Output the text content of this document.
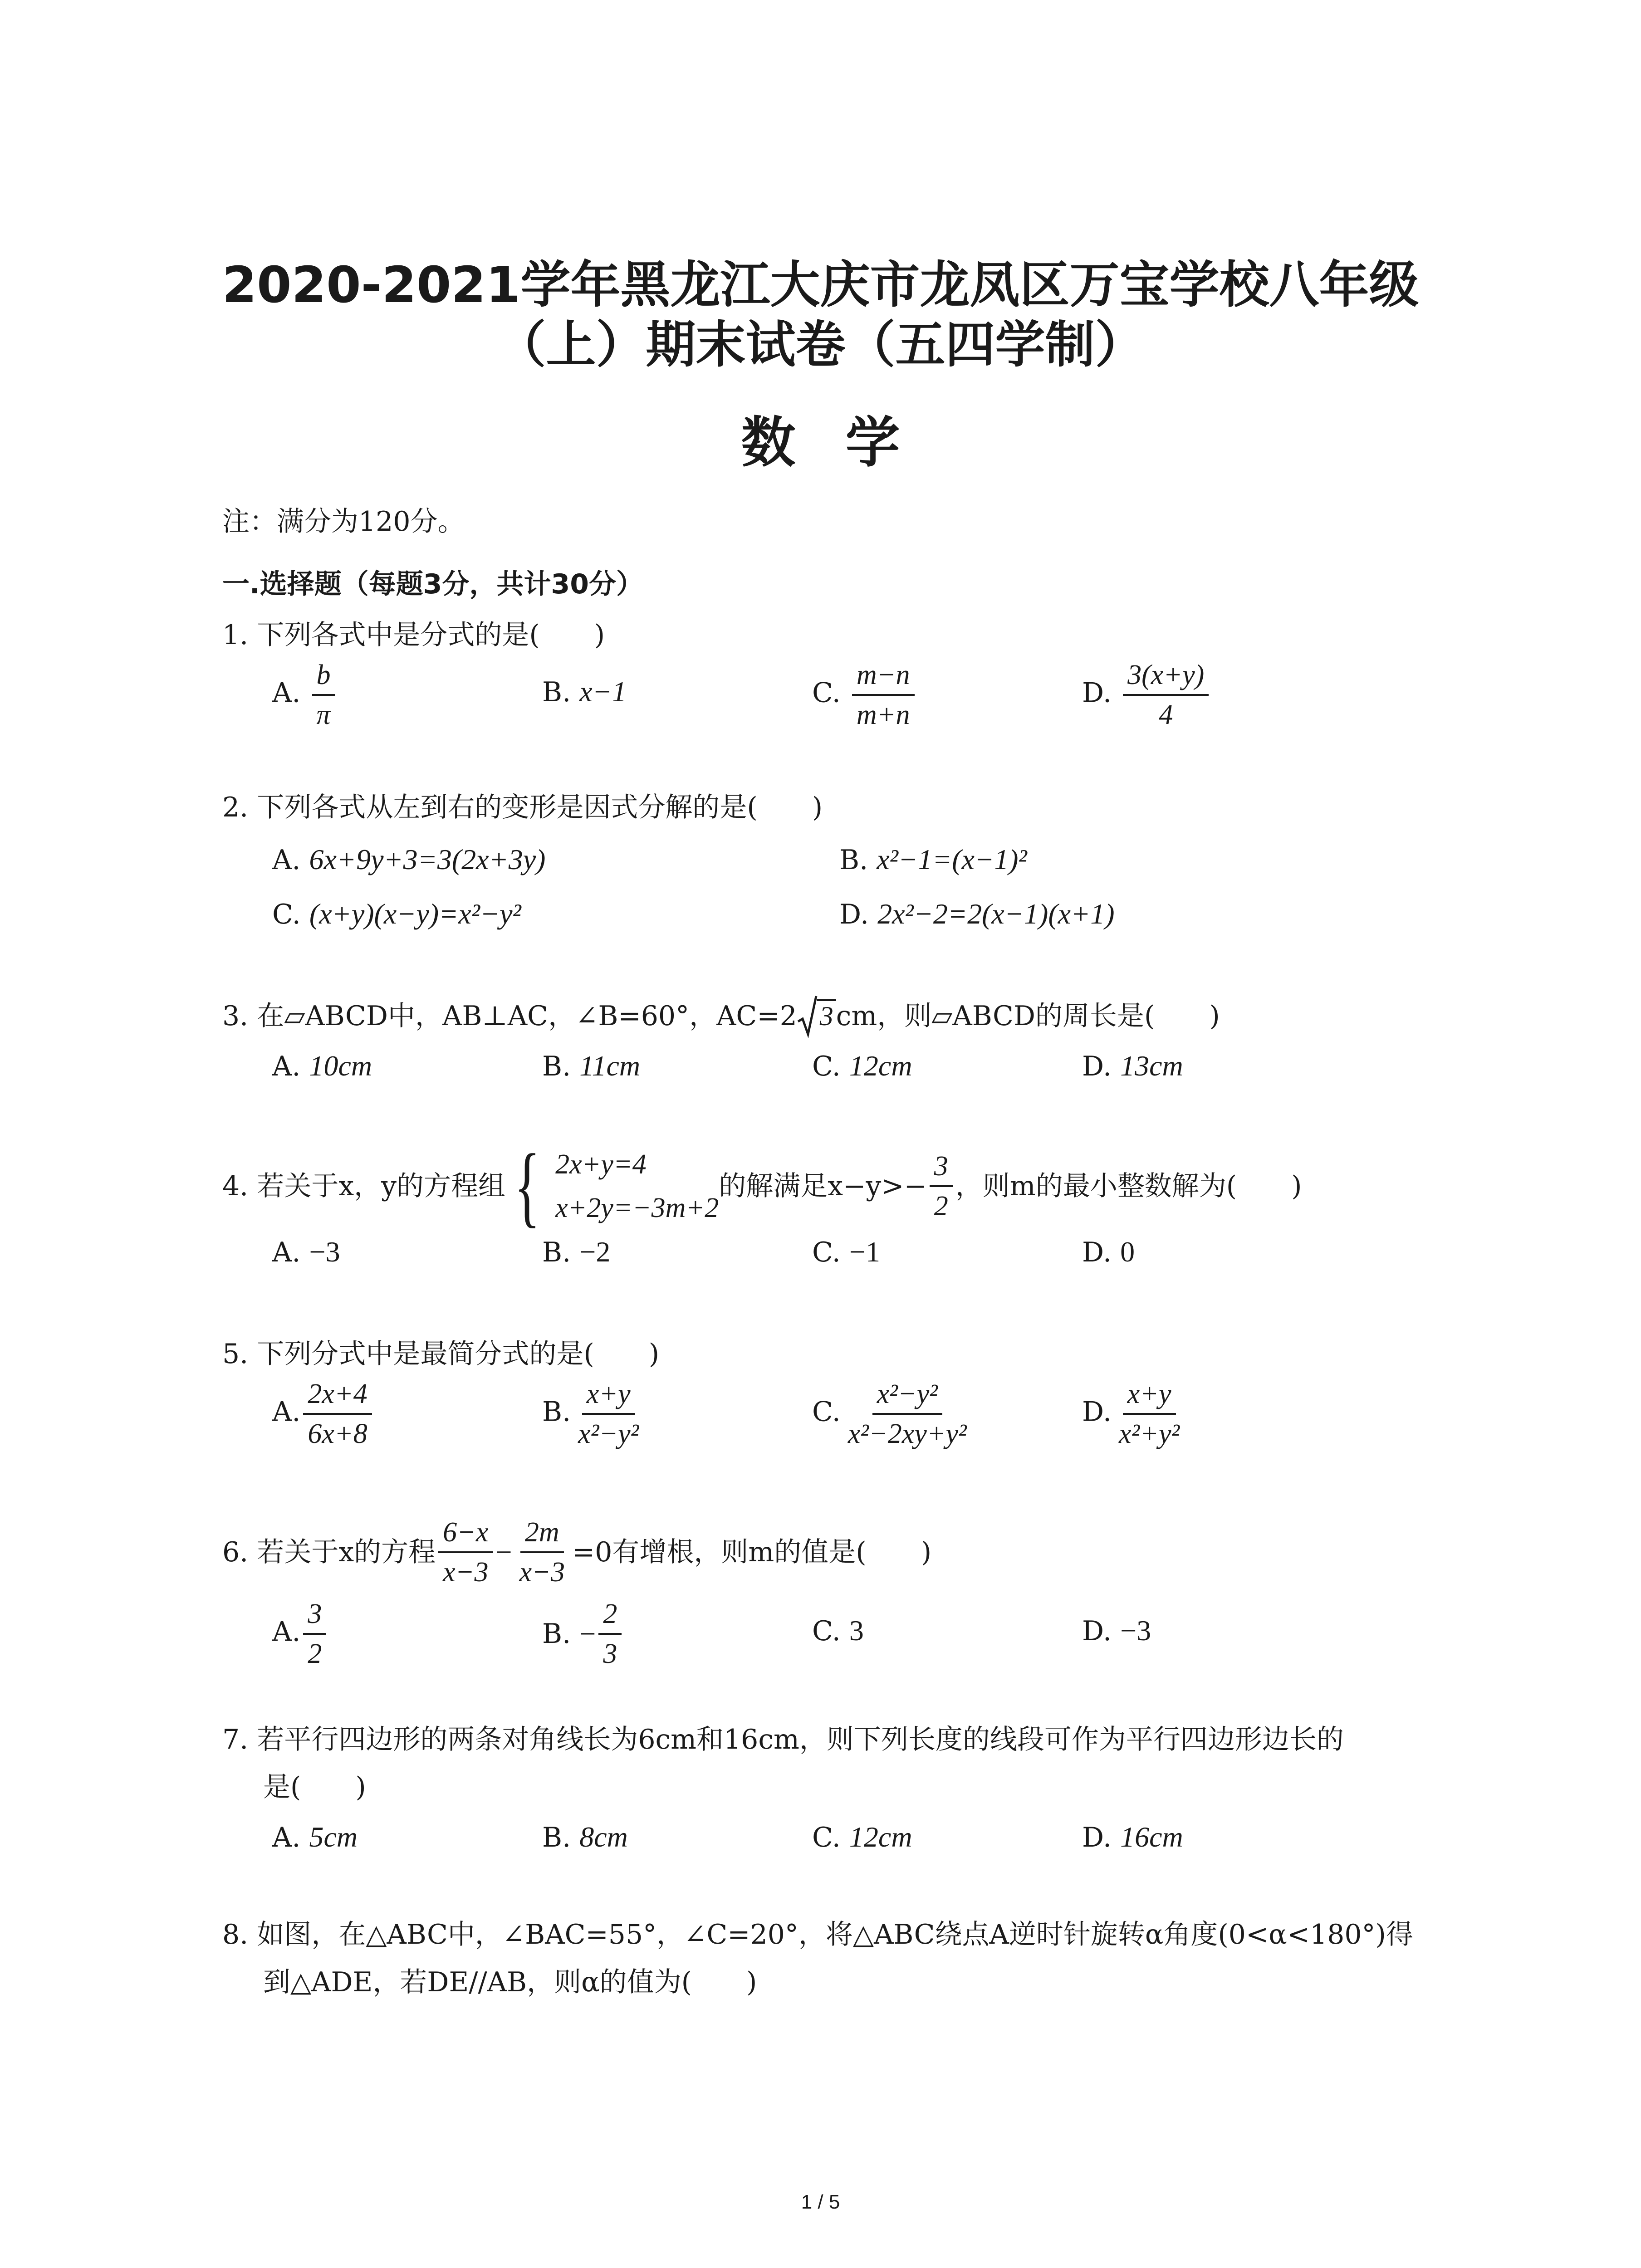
2020-2021学年黑龙江大庆市龙凤区万宝学校八年级
（上）期末试卷（五四学制）
数学
注：满分为120分。
一.选择题（每题3分，共计30分）
1. 下列各式中是分式的是(　　)
A. $\frac{b}{\pi}$	B. x−1	C. $\frac{m-n}{m+n}$	D. $\frac{3(x+y)}{4}$
2. 下列各式从左到右的变形是因式分解的是(　　)
A. 6x+9y+3=3(2x+3y)	B. x²−1=(x−1)²
C. (x+y)(x−y)=x²−y²	D. 2x²−2=2(x−1)(x+1)
3. 在▱ABCD中，AB⊥AC，∠B=60°，AC=2 3 cm，则▱ABCD的周长是(　　)
A. 10cm	B. 11cm	C. 12cm	D. 13cm
4. 若关于x，y的方程组 { 2x+y=4
x+2y=−3m+2
的解满足$x-y>- \frac{3}{2}$ ，则m的最小整数解为(　　)
A. −3	B. −2	C. −1	D. 0
5. 下列分式中是最简分式的是(　　)
A. $\frac{2x+4}{6x+8}$	B. $\frac{x+y}{\text{x²−y²}}$	C. $\frac{\text{x²−y²}}{\text{x²−2xy+y²}}$	D. $\frac{x+y}{\text{x²+y²}}$
6. 若关于x的方程 $\frac{6-x}{x-3} - \frac{2m}{x-3} =0$有增根，则m的值是(　　)
A. $\frac{3}{2}$	B.
− $\frac{2}{3}$	C. 3	D. −3
7. 若平行四边形的两条对角线长为6cm和16cm，则下列长度的线段可作为平行四边形边长的
是(　　)
A. 5cm	B. 8cm	C. 12cm	D. 16cm
8. 如图，在△ABC中，∠BAC=55°，∠C=20°，将△ABC绕点A逆时针旋转α角度(0<α<180°)得
到△ADE，若DE//AB，则α的值为(　　)
1 / 5
